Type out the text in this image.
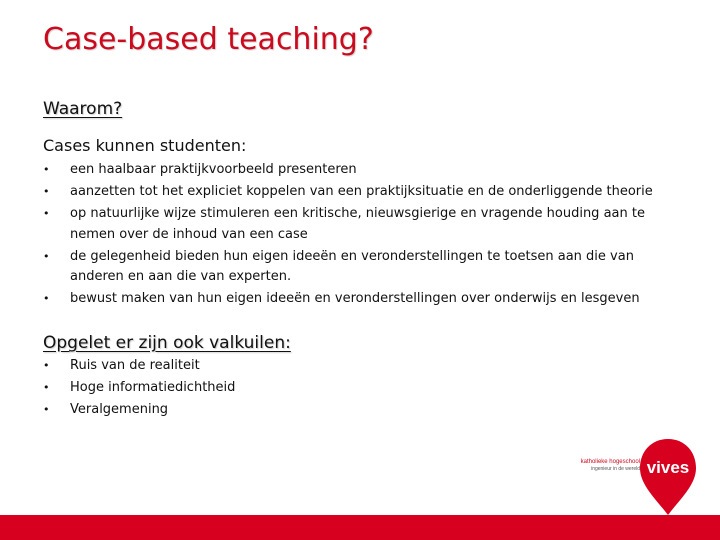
Case-based teaching?
Waarom?
Cases kunnen studenten:
• een haalbaar praktijkvoorbeeld presenteren
• aanzetten tot het expliciet koppelen van een praktijksituatie en de onderliggende theorie
• op natuurlijke wijze stimuleren een kritische, nieuwsgierige en vragende houding aan te nemen over de inhoud van een case
• de gelegenheid bieden hun eigen ideeën en veronderstellingen te toetsen aan die van anderen en aan die van experten.
• bewust maken van hun eigen ideeën en veronderstellingen over onderwijs en lesgeven
Opgelet er zijn ook valkuilen:
• Ruis van de realiteit
• Hoge informatiedichtheid
• Veralgemening
katholieke hogeschool
ingenieur in de wereld vives
